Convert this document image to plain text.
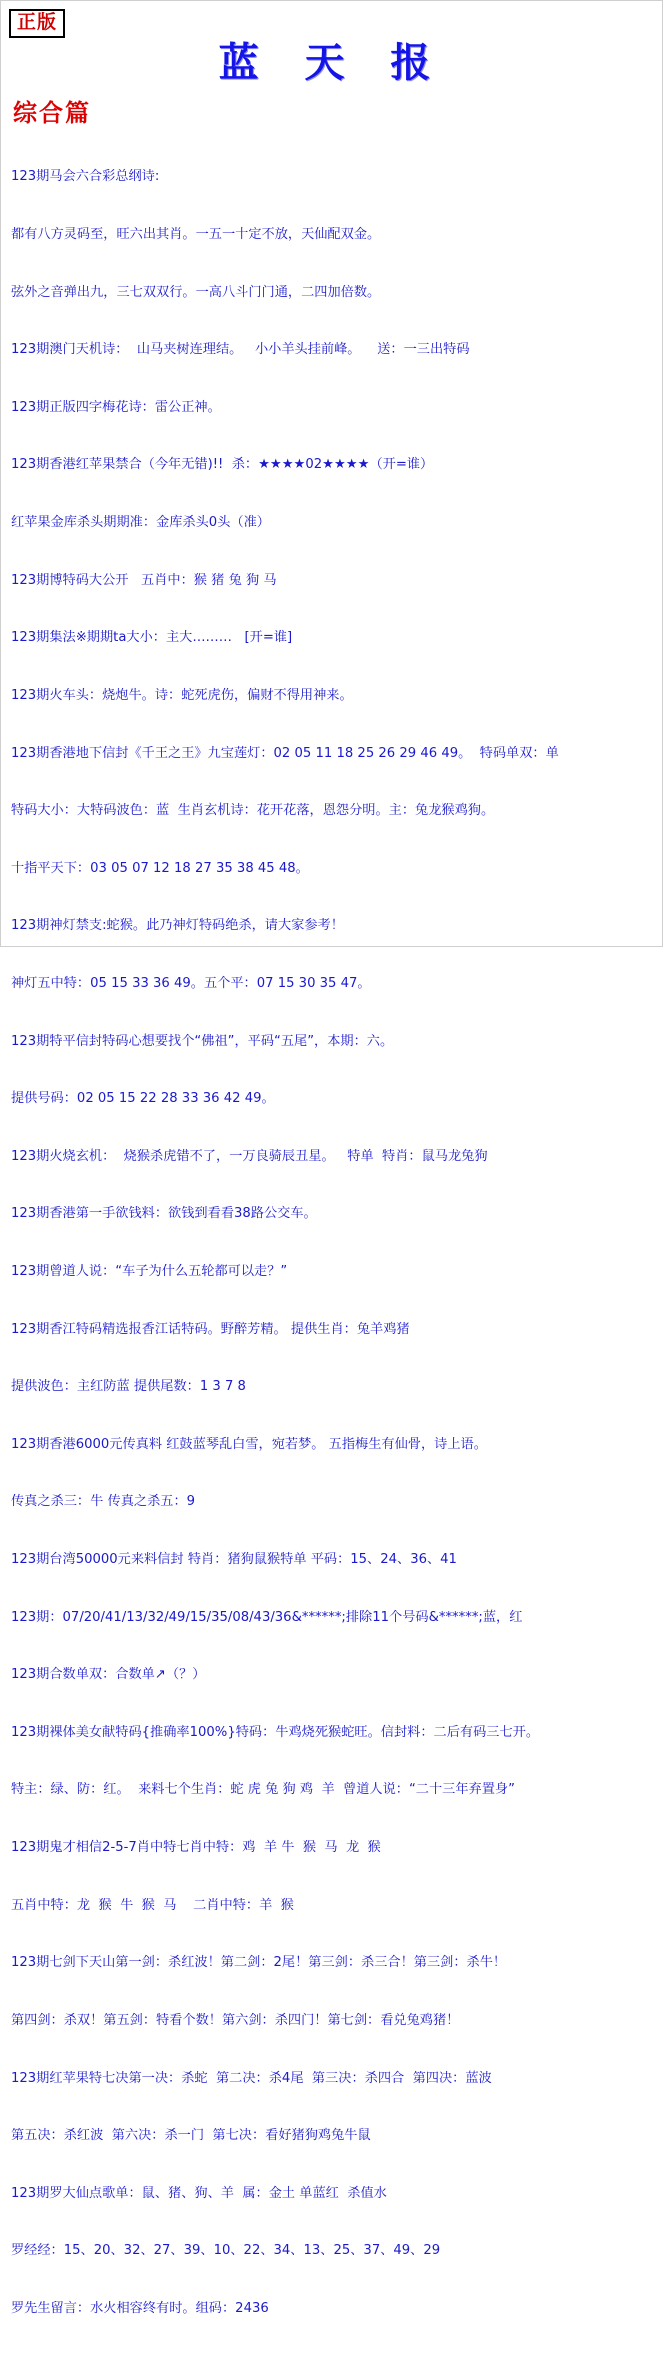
正版
蓝 天 报
综合篇

123期马会六合彩总纲诗:

都有八方灵码至，旺六出其肖。一五一十定不放，天仙配双金。

弦外之音弹出九，三七双双行。一高八斗门门通，二四加倍数。

123期澳门天机诗：  山马夹树连理结。   小小羊头挂前峰。    送：一三出特码

123期正版四字梅花诗：雷公正神。

123期香港红苹果禁合（今年无错)!!  杀：★★★★02★★★★（开=谁）

红苹果金库杀头期期准：金库杀头0头（准）

123期博特码大公开   五肖中：猴 猪 兔 狗 马

123期集法※期期ta大小：主大………   [开=谁]

123期火车头：烧炮牛。诗：蛇死虎伤，偏财不得用神来。

123期香港地下信封《千王之王》九宝莲灯：02 05 11 18 25 26 29 46 49。  特码单双：单

特码大小：大特码波色：蓝  生肖玄机诗：花开花落，恩怨分明。主：兔龙猴鸡狗。

十指平天下：03 05 07 12 18 27 35 38 45 48。

123期神灯禁支:蛇猴。此乃神灯特码绝杀，请大家参考！

神灯五中特：05 15 33 36 49。五个平：07 15 30 35 47。

123期特平信封特码心想要找个“佛祖”，平码“五尾”，本期：六。

提供号码：02 05 15 22 28 33 36 42 49。

123期火烧玄机：  烧猴杀虎错不了，一万良骑辰丑星。   特单  特肖：鼠马龙兔狗

123期香港第一手欲钱料：欲钱到看看38路公交车。

123期曾道人说：“车子为什么五轮都可以走？”

123期香江特码精选报香江话特码。野醉芳精。 提供生肖：兔羊鸡猪

提供波色：主红防蓝 提供尾数：1 3 7 8

123期香港6000元传真料 红鼓蓝琴乱白雪，宛若梦。 五指梅生有仙骨，诗上语。

传真之杀三：牛 传真之杀五：9

123期台湾50000元来料信封 特肖：猪狗鼠猴特单 平码：15、24、36、41

123期：07/20/41/13/32/49/15/35/08/43/36&******;排除11个号码&******;蓝，红

123期合数单双：合数单↗（？）

123期裸体美女献特码{推确率100%}特码：牛鸡烧死猴蛇旺。信封料：二后有码三七开。

特主：绿、防：红。  来料七个生肖：蛇 虎 兔 狗 鸡  羊  曾道人说：“二十三年弃置身”

123期鬼才相信2-5-7肖中特七肖中特：鸡  羊 牛  猴  马  龙  猴

五肖中特：龙  猴  牛  猴  马    二肖中特：羊  猴

123期七剑下天山第一剑：杀红波！第二剑：2尾！第三剑：杀三合！第三剑：杀牛！

第四剑：杀双！第五剑：特看个数！第六剑：杀四门！第七剑：看兑兔鸡猪！

123期红苹果特七决第一决：杀蛇  第二决：杀4尾  第三决：杀四合  第四决：蓝波

第五决：杀红波  第六决：杀一门  第七决：看好猪狗鸡兔牛鼠

123期罗大仙点歌单：鼠、猪、狗、羊  属：金土 单蓝红  杀值水

罗经经：15、20、32、27、39、10、22、34、13、25、37、49、29

罗先生留言：水火相容终有时。组码：2436
